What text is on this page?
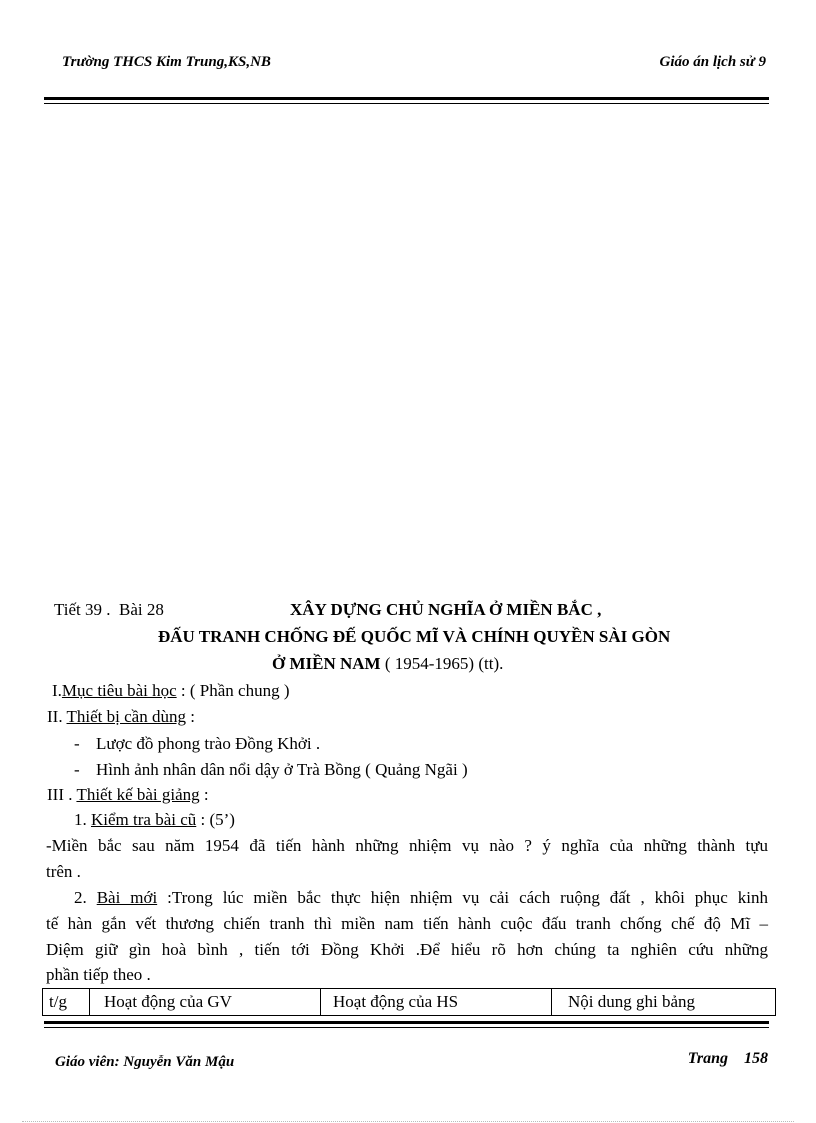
Trường THCS Kim Trung,KS,NB	Giáo án lịch sử 9
Tiết 39 . Bài 28	XÂY DỰNG CHỦ NGHĨA Ở MIỀN BẮC ,
ĐẤU TRANH CHỐNG ĐẾ QUỐC MĨ VÀ CHÍNH QUYỀN SÀI GÒN
Ở MIỀN NAM ( 1954-1965) (tt).
I.Mục tiêu bài học : ( Phần chung )
II. Thiết bị cần dùng :
- Lược đồ phong trào Đồng Khởi .
- Hình ảnh nhân dân nổi dậy ở Trà Bồng ( Quảng Ngãi )
III . Thiết kế bài giảng :
1. Kiểm tra bài cũ : (5’)
-Miền bắc sau năm 1954 đã tiến hành những nhiệm vụ nào ? ý nghĩa của những thành tựu
trên .
2. Bài mới :Trong lúc miền bắc thực hiện nhiệm vụ cải cách ruộng đất , khôi phục kinh
tế hàn gắn vết thương chiến tranh thì miền nam tiến hành cuộc đấu tranh chống chế độ Mĩ –
Diệm giữ gìn hoà bình , tiến tới Đồng Khởi .Để hiểu rõ hơn chúng ta nghiên cứu những
phần tiếp theo .
t/g	Hoạt động của GV	Hoạt động của HS	Nội dung ghi bảng
Giáo viên: Nguyễn Văn Mậu	Trang 158
